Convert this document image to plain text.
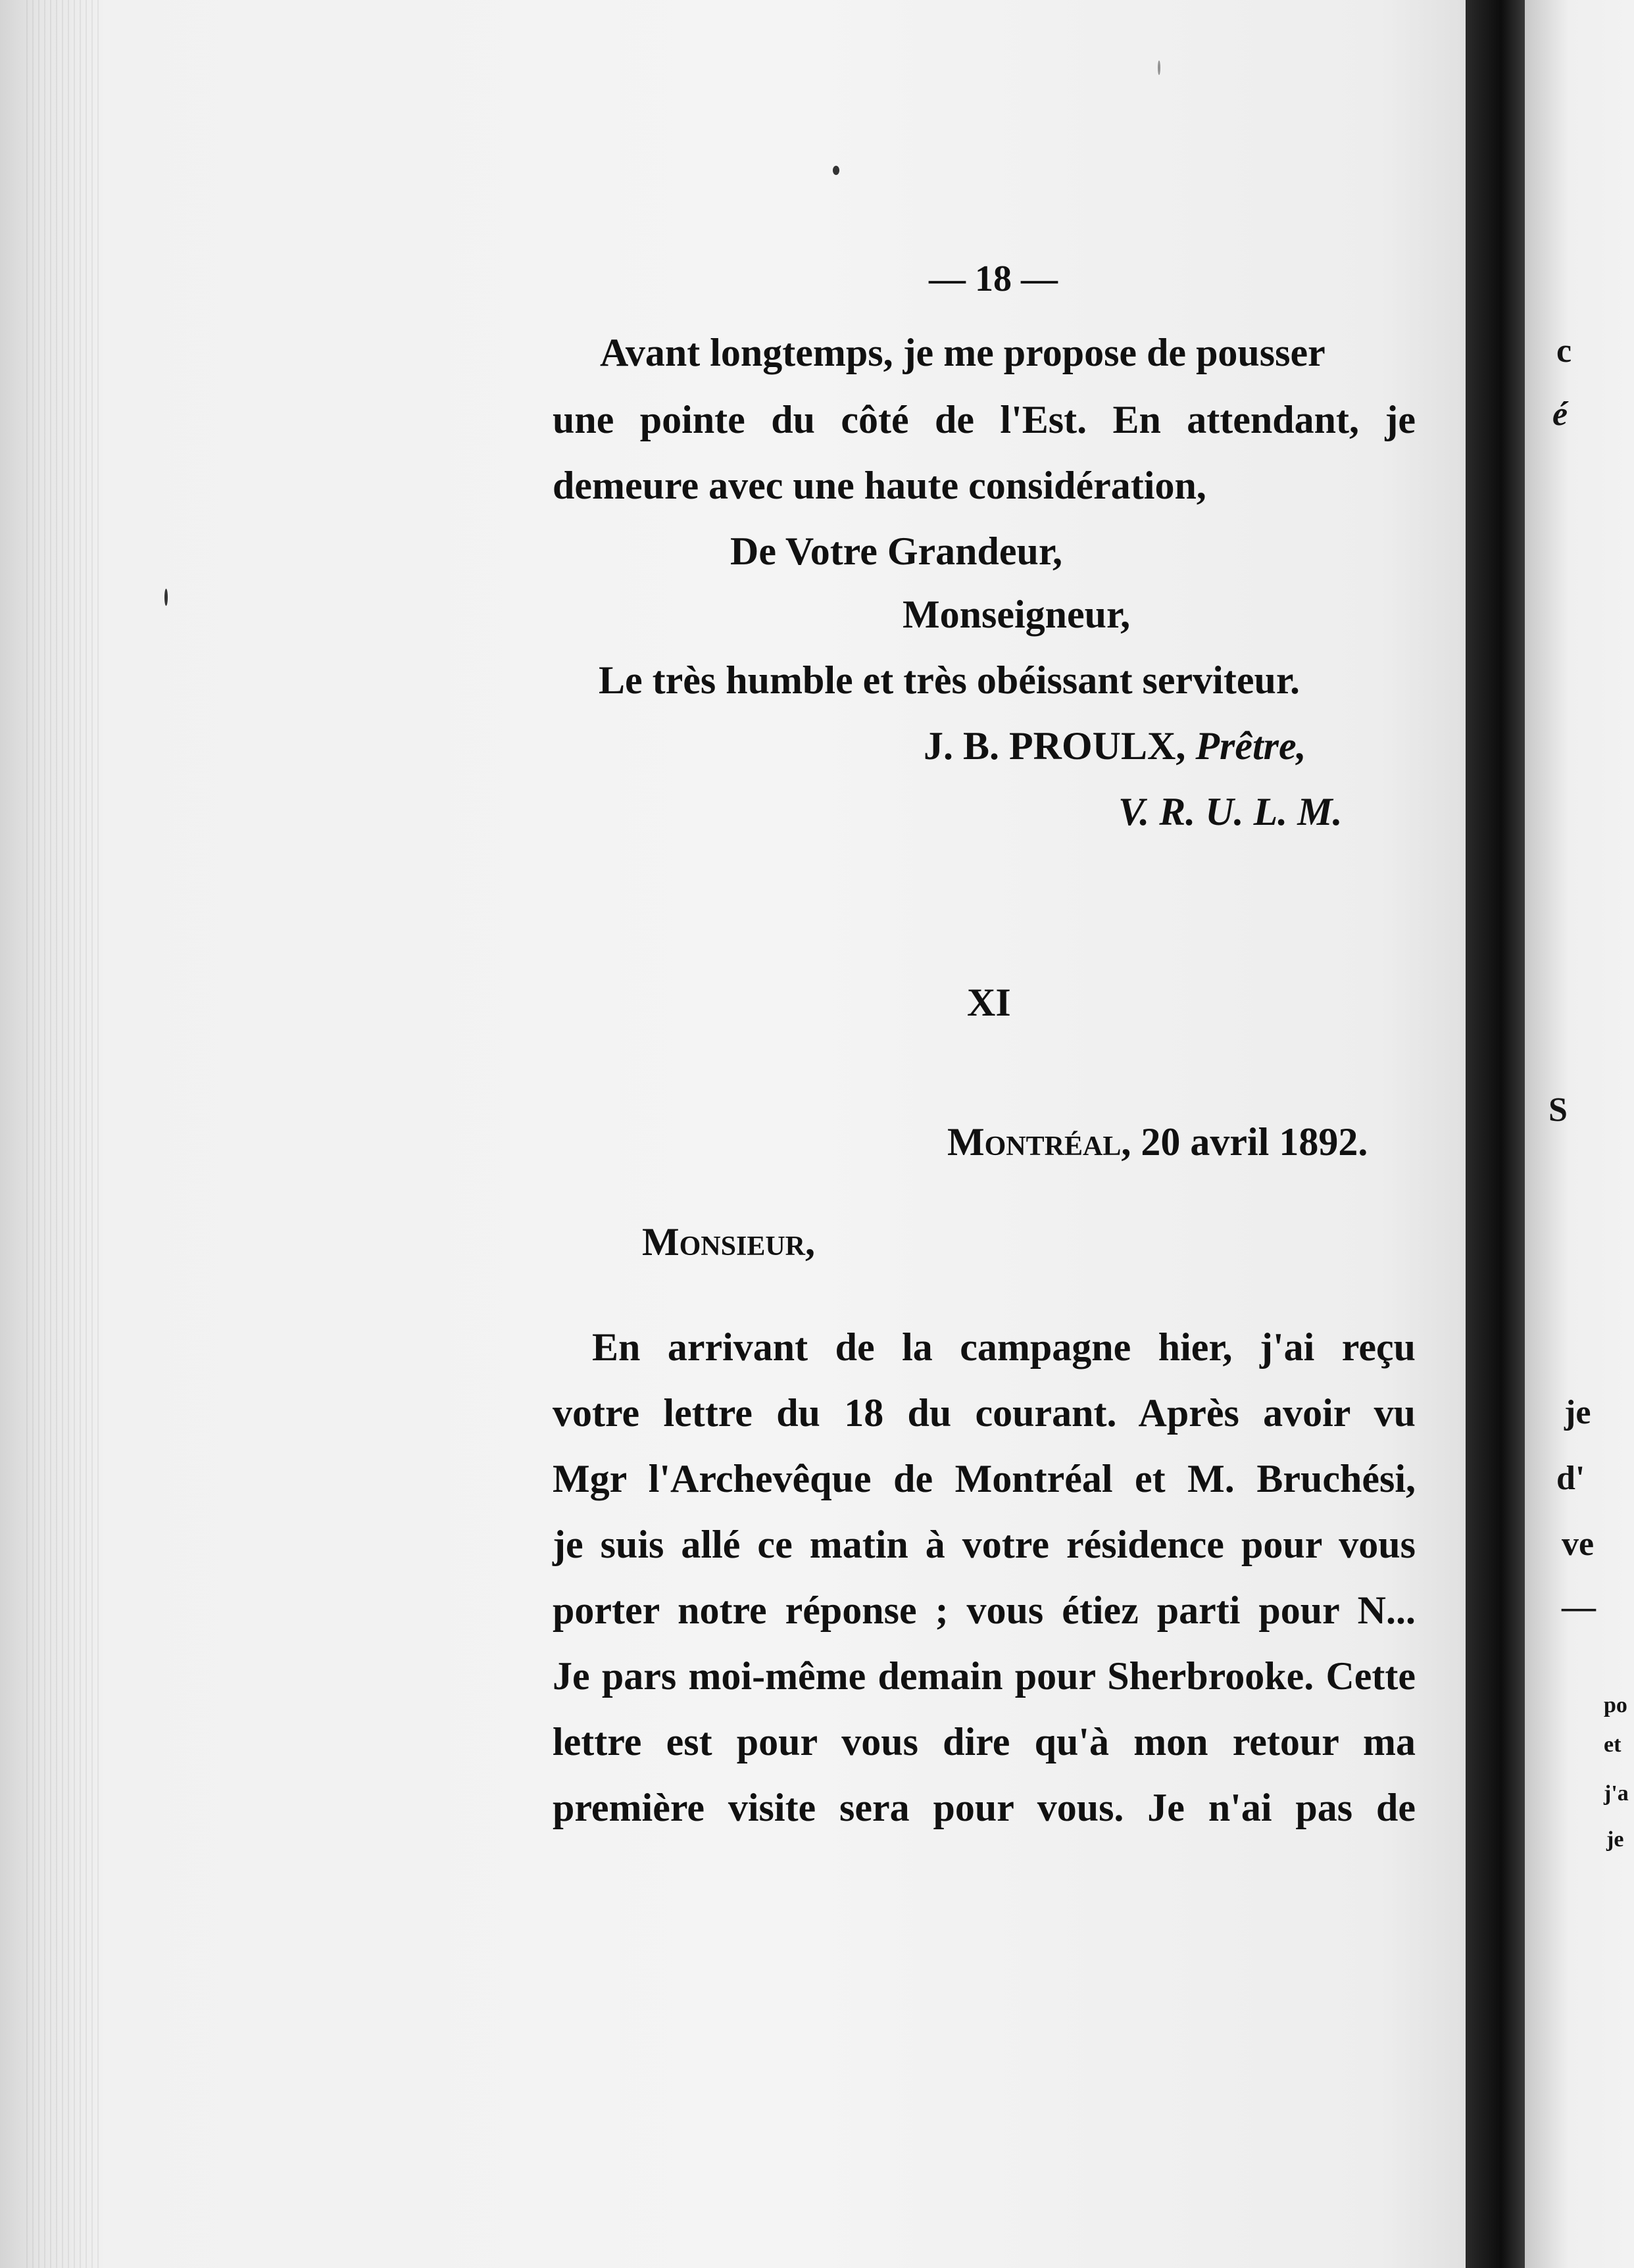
c
é
S
je
d'
ve
—
po
et
j'a
je
— 18 —
Avant longtemps, je me propose de pousser
une pointe du côté de l'Est. En attendant, je
demeure avec une haute considération,
De Votre Grandeur,
Monseigneur,
Le très humble et très obéissant serviteur.
J. B. PROULX, Prêtre,
V. R. U. L. M.
XI
Montréal, 20 avril 1892.
Monsieur,
En arrivant de la campagne hier, j'ai reçu
votre lettre du 18 du courant. Après avoir vu
Mgr l'Archevêque de Montréal et M. Bruchési,
je suis allé ce matin à votre résidence pour vous
porter notre réponse ; vous étiez parti pour N...
Je pars moi-même demain pour Sherbrooke. Cette
lettre est pour vous dire qu'à mon retour ma
première visite sera pour vous. Je n'ai pas de
